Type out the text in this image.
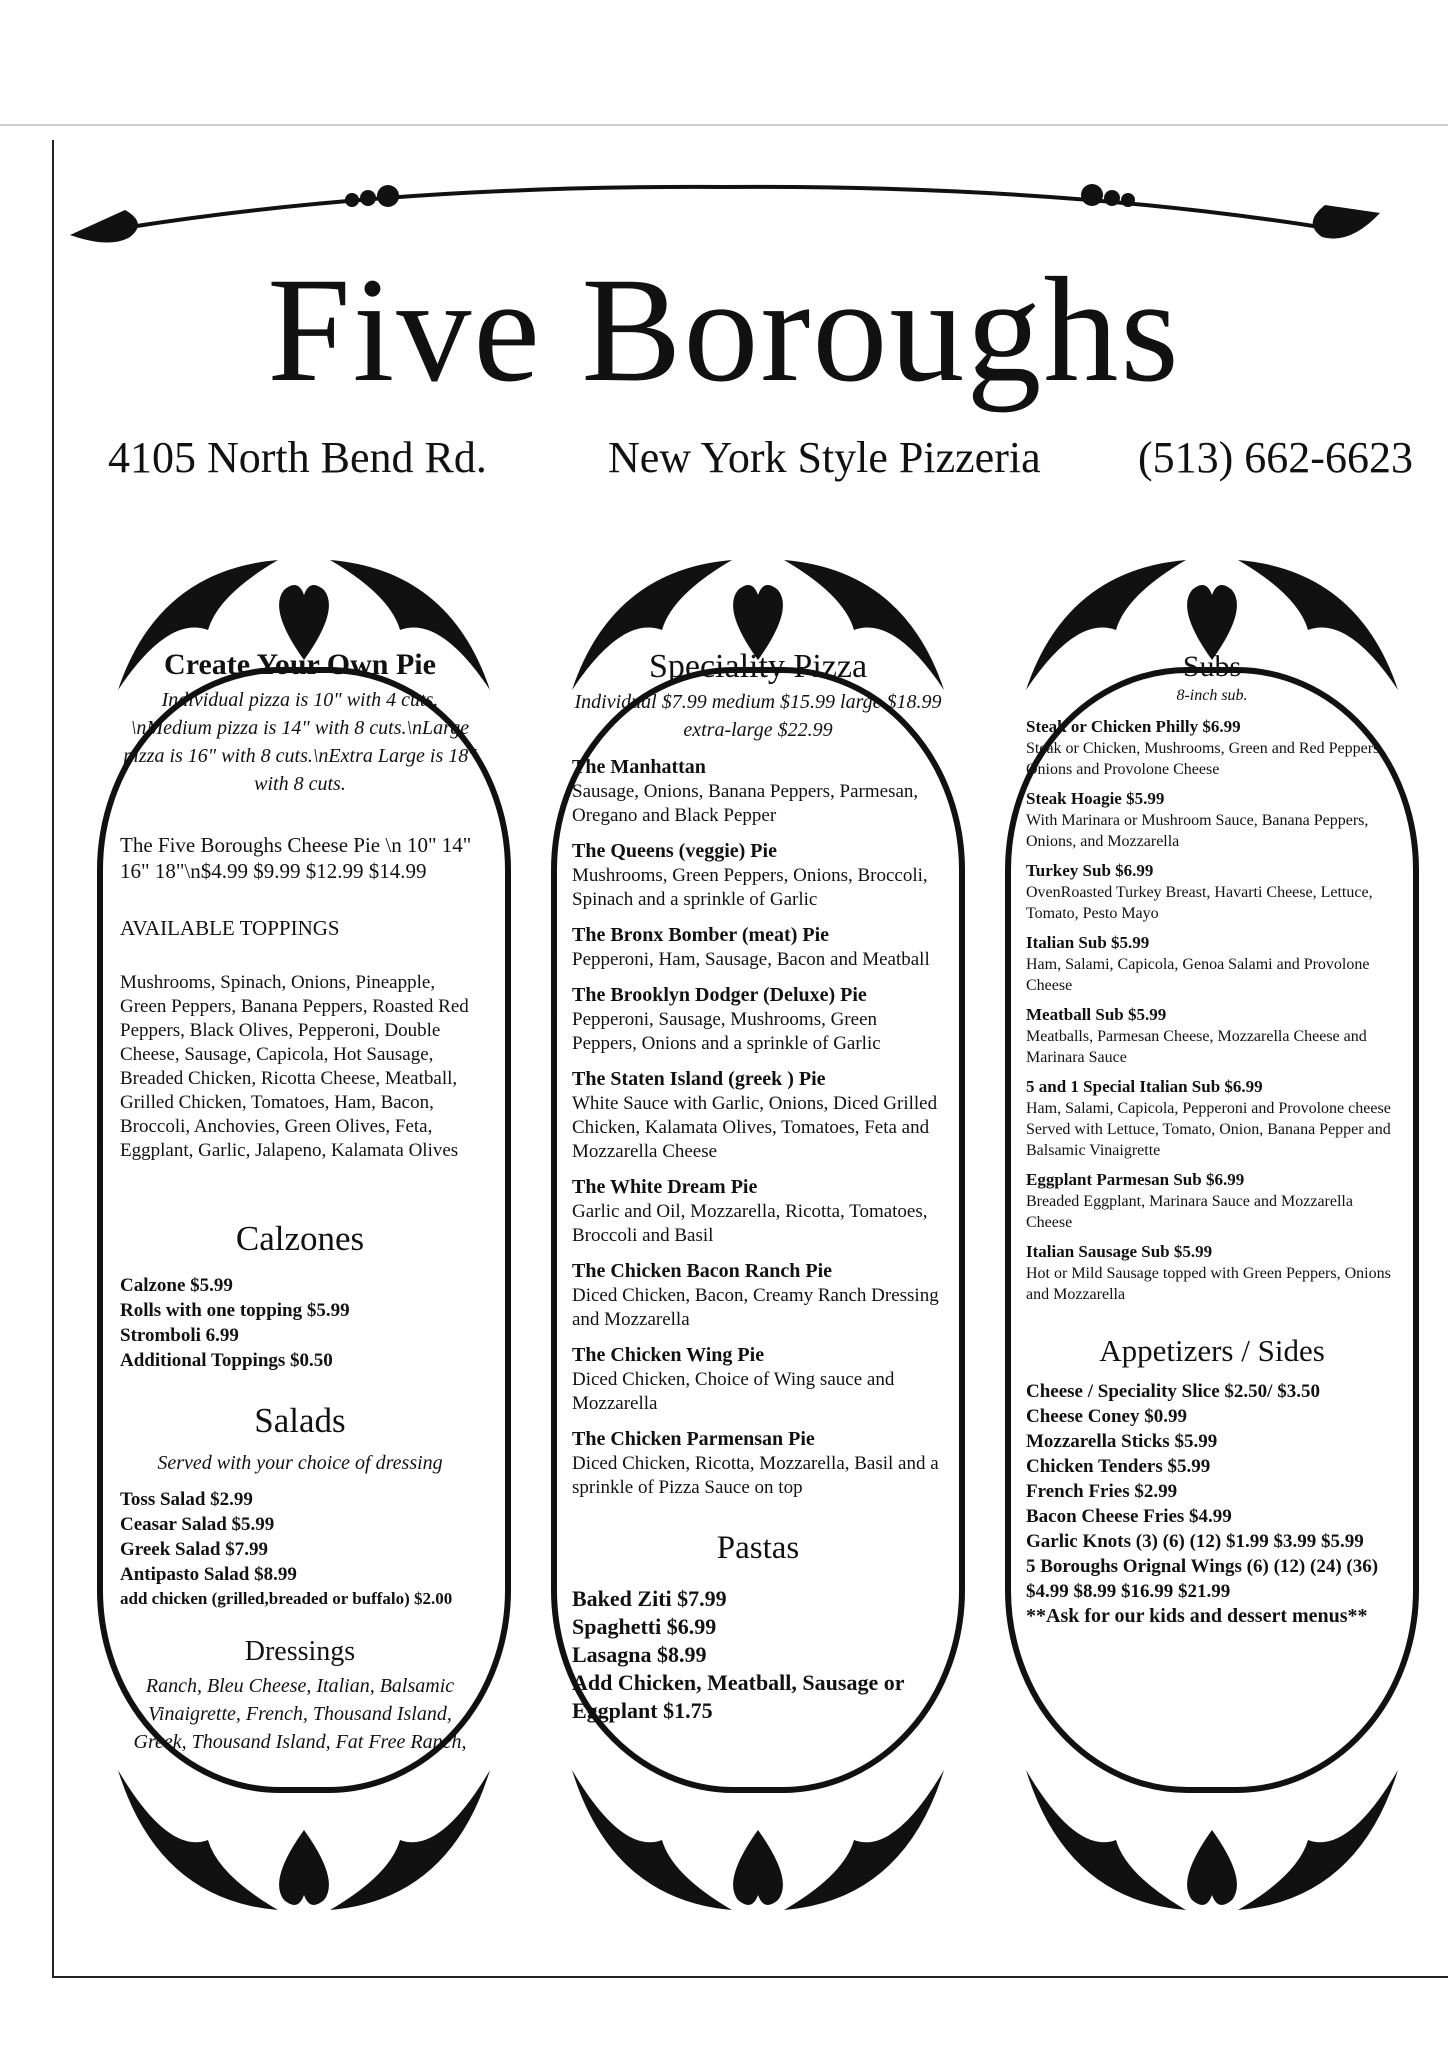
Five Boroughs
4105 North Bend Rd.	New York Style Pizzeria (513) 662-6623
Create Your Own Pie
Individual pizza is 10" with 4 cuts. \nMedium pizza is 14" with 8 cuts.\nLarge pizza is 16" with 8 cuts.\nExtra Large is 18" with 8 cuts.
The Five Boroughs Cheese Pie \n 10" 14" 16" 18"\n$4.99 $9.99 $12.99 $14.99
AVAILABLE TOPPINGS
Mushrooms, Spinach, Onions, Pineapple, Green Peppers, Banana Peppers, Roasted Red Peppers, Black Olives, Pepperoni, Double Cheese, Sausage, Capicola, Hot Sausage, Breaded Chicken, Ricotta Cheese, Meatball, Grilled Chicken, Tomatoes, Ham, Bacon, Broccoli, Anchovies, Green Olives, Feta, Eggplant, Garlic, Jalapeno, Kalamata Olives
Calzones
Calzone $5.99
Rolls with one topping $5.99
Stromboli 6.99
Additional Toppings $0.50
Salads
Served with your choice of dressing
Toss Salad $2.99
Ceasar Salad $5.99
Greek Salad $7.99
Antipasto Salad $8.99
add chicken (grilled,breaded or buffalo) $2.00
Dressings
Ranch, Bleu Cheese, Italian, Balsamic Vinaigrette, French, Thousand Island, Greek, Thousand Island, Fat Free Ranch,
Speciality Pizza
Individual $7.99 medium $15.99 large $18.99 extra-large $22.99
The Manhattan
Sausage, Onions, Banana Peppers, Parmesan, Oregano and Black Pepper
The Queens (veggie) Pie
Mushrooms, Green Peppers, Onions, Broccoli, Spinach and a sprinkle of Garlic
The Bronx Bomber (meat) Pie
Pepperoni, Ham, Sausage, Bacon and Meatball
The Brooklyn Dodger (Deluxe) Pie
Pepperoni, Sausage, Mushrooms, Green Peppers, Onions and a sprinkle of Garlic
The Staten Island (greek ) Pie
White Sauce with Garlic, Onions, Diced Grilled Chicken, Kalamata Olives, Tomatoes, Feta and Mozzarella Cheese
The White Dream Pie
Garlic and Oil, Mozzarella, Ricotta, Tomatoes, Broccoli and Basil
The Chicken Bacon Ranch Pie
Diced Chicken, Bacon, Creamy Ranch Dressing and Mozzarella
The Chicken Wing Pie
Diced Chicken, Choice of Wing sauce and Mozzarella
The Chicken Parmensan Pie
Diced Chicken, Ricotta, Mozzarella, Basil and a sprinkle of Pizza Sauce on top
Pastas
Baked Ziti $7.99
Spaghetti $6.99
Lasagna $8.99
Add Chicken, Meatball, Sausage or Eggplant $1.75
Subs
8-inch sub.
Steak or Chicken Philly $6.99
Steak or Chicken, Mushrooms, Green and Red Peppers, Onions and Provolone Cheese
Steak Hoagie $5.99
With Marinara or Mushroom Sauce, Banana Peppers, Onions, and Mozzarella
Turkey Sub $6.99
OvenRoasted Turkey Breast, Havarti Cheese, Lettuce, Tomato, Pesto Mayo
Italian Sub $5.99
Ham, Salami, Capicola, Genoa Salami and Provolone Cheese
Meatball Sub $5.99
Meatballs, Parmesan Cheese, Mozzarella Cheese and Marinara Sauce
5 and 1 Special Italian Sub $6.99
Ham, Salami, Capicola, Pepperoni and Provolone cheese Served with Lettuce, Tomato, Onion, Banana Pepper and Balsamic Vinaigrette
Eggplant Parmesan Sub $6.99
Breaded Eggplant, Marinara Sauce and Mozzarella Cheese
Italian Sausage Sub $5.99
Hot or Mild Sausage topped with Green Peppers, Onions and Mozzarella
Appetizers / Sides
Cheese / Speciality Slice $2.50/ $3.50
Cheese Coney $0.99
Mozzarella Sticks $5.99
Chicken Tenders $5.99
French Fries $2.99
Bacon Cheese Fries $4.99
Garlic Knots (3) (6) (12) $1.99 $3.99 $5.99
5 Boroughs Orignal Wings (6) (12) (24) (36) $4.99 $8.99 $16.99 $21.99
**Ask for our kids and dessert menus**
